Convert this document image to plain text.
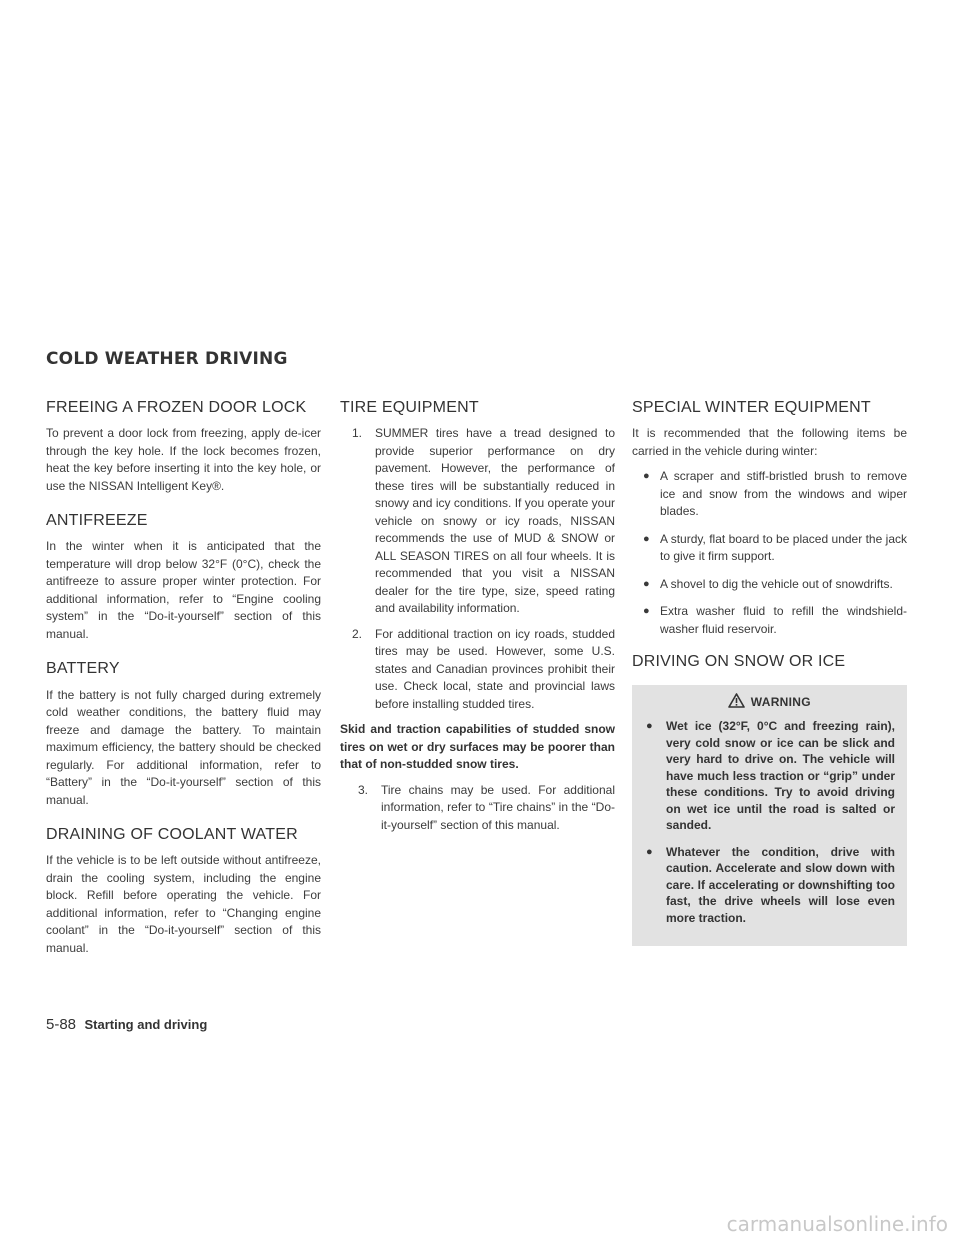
COLD WEATHER DRIVING
FREEING A FROZEN DOOR LOCK

To prevent a door lock from freezing, apply de-icer through the key hole. If the lock becomes frozen, heat the key before inserting it into the key hole, or use the NISSAN Intelligent Key®.

ANTIFREEZE

In the winter when it is anticipated that the temperature will drop below 32°F (0°C), check the antifreeze to assure proper winter protection. For additional information, refer to “Engine cooling system” in the “Do-it-yourself” section of this manual.

BATTERY

If the battery is not fully charged during extremely cold weather conditions, the battery fluid may freeze and damage the battery. To maintain maximum efficiency, the battery should be checked regularly. For additional information, refer to “Battery” in the “Do-it-yourself” section of this manual.

DRAINING OF COOLANT WATER

If the vehicle is to be left outside without antifreeze, drain the cooling system, including the engine block. Refill before operating the vehicle. For additional information, refer to “Changing engine coolant” in the “Do-it-yourself” section of this manual.

TIRE EQUIPMENT
1. SUMMER tires have a tread designed to provide superior performance on dry pavement. However, the performance of these tires will be substantially reduced in snowy and icy conditions. If you operate your vehicle on snowy or icy roads, NISSAN recommends the use of MUD & SNOW or ALL SEASON TIRES on all four wheels. It is recommended that you visit a NISSAN dealer for the tire type, size, speed rating and availability information.
2. For additional traction on icy roads, studded tires may be used. However, some U.S. states and Canadian provinces prohibit their use. Check local, state and provincial laws before installing studded tires.

Skid and traction capabilities of studded snow tires on wet or dry surfaces may be poorer than that of non-studded snow tires.

3. Tire chains may be used. For additional information, refer to “Tire chains” in the “Do-it-yourself” section of this manual.
SPECIAL WINTER EQUIPMENT

It is recommended that the following items be carried in the vehicle during winter:

● A scraper and stiff-bristled brush to remove ice and snow from the windows and wiper blades.
● A sturdy, flat board to be placed under the jack to give it firm support.
● A shovel to dig the vehicle out of snowdrifts.
● Extra washer fluid to refill the windshield-washer fluid reservoir.
DRIVING ON SNOW OR ICE
WARNING
● Wet ice (32°F, 0°C and freezing rain), very cold snow or ice can be slick and very hard to drive on. The vehicle will have much less traction or “grip” under these conditions. Try to avoid driving on wet ice until the road is salted or sanded.
● Whatever the condition, drive with caution. Accelerate and slow down with care. If accelerating or downshifting too fast, the drive wheels will lose even more traction.
5-88 Starting and driving
carmanualsonline.info
